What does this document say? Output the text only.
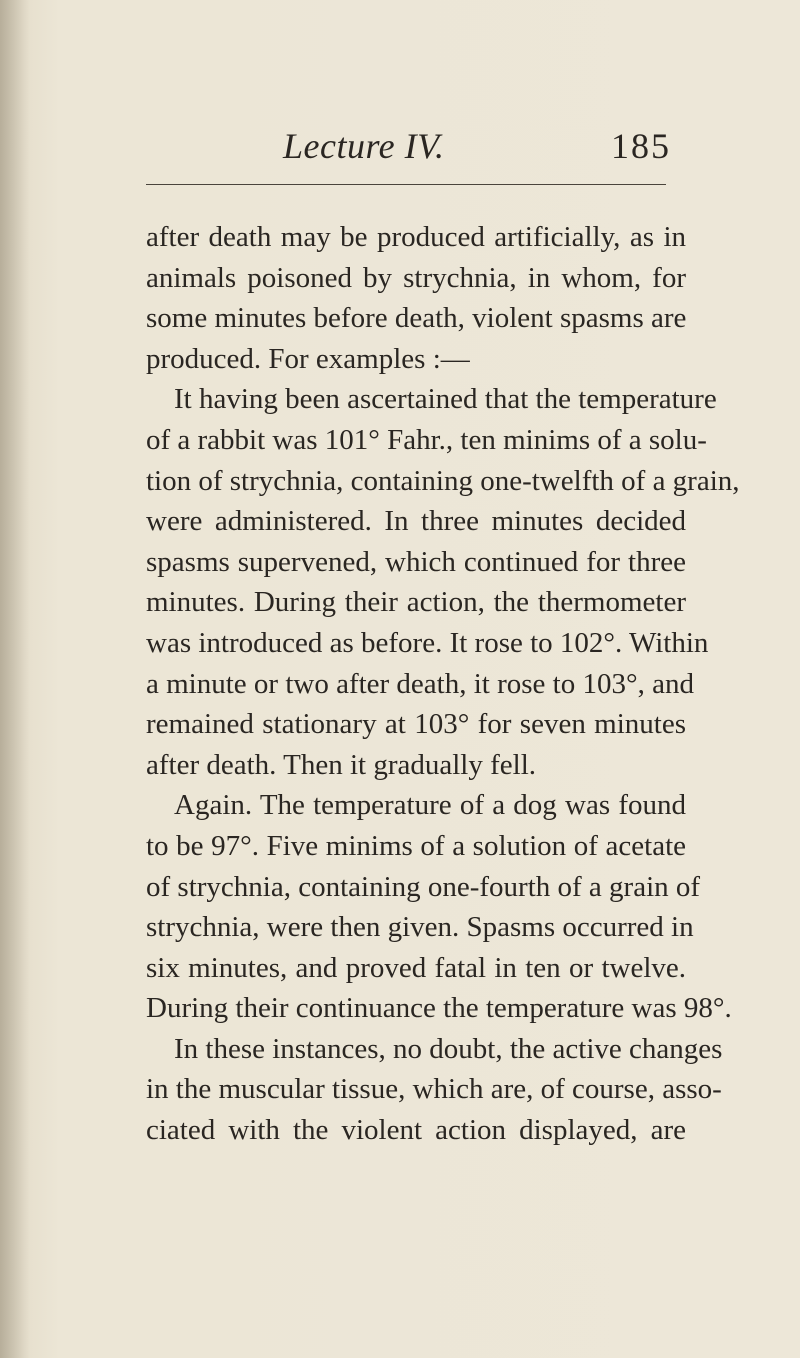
Lecture IV.	185
after death may be produced artificially, as in
animals poisoned by strychnia, in whom, for
some minutes before death, violent spasms are
produced. For examples :—
It having been ascertained that the temperature
of a rabbit was 101° Fahr., ten minims of a solu-
tion of strychnia, containing one-twelfth of a grain,
were administered. In three minutes decided
spasms supervened, which continued for three
minutes. During their action, the thermometer
was introduced as before. It rose to 102°. Within
a minute or two after death, it rose to 103°, and
remained stationary at 103° for seven minutes
after death. Then it gradually fell.
Again. The temperature of a dog was found
to be 97°. Five minims of a solution of acetate
of strychnia, containing one-fourth of a grain of
strychnia, were then given. Spasms occurred in
six minutes, and proved fatal in ten or twelve.
During their continuance the temperature was 98°.
In these instances, no doubt, the active changes
in the muscular tissue, which are, of course, asso-
ciated with the violent action displayed, are
